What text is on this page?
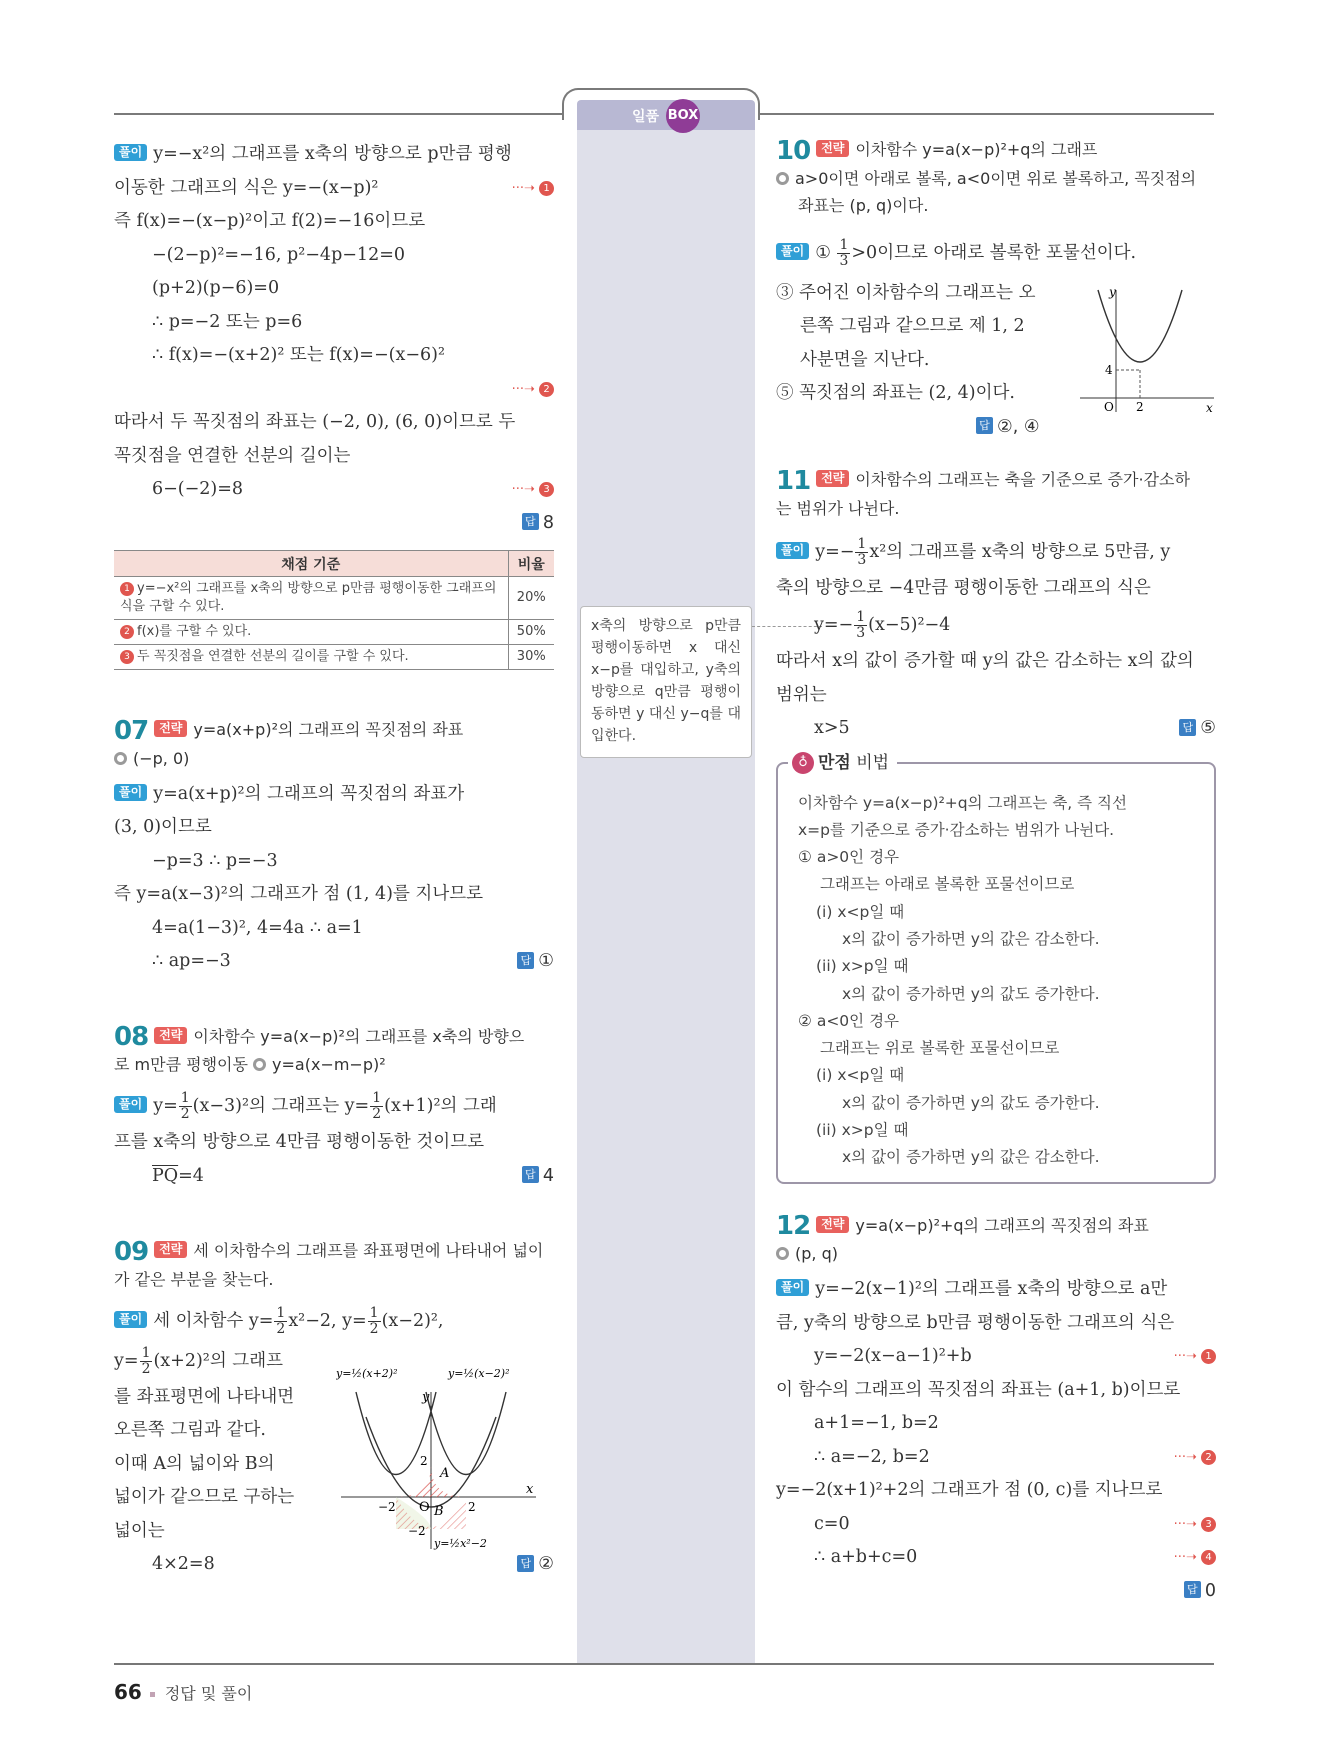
일품 BOX
풀이 y=−x²의 그래프를 x축의 방향으로 p만큼 평행
이동한 그래프의 식은 y=−(x−p)²	···➝ 1
즉 f(x)=−(x−p)²이고 f(2)=−16이므로
−(2−p)²=−16, p²−4p−12=0
(p+2)(p−6)=0
∴ p=−2 또는 p=6
∴ f(x)=−(x+2)² 또는 f(x)=−(x−6)²
···➝ 2

따라서 두 꼭짓점의 좌표는 (−2, 0), (6, 0)이므로 두
꼭짓점을 연결한 선분의 길이는
6−(−2)=8	···➝ 3
답 8
채점 기준	비율
1 y=−x²의 그래프를 x축의 방향으로 p만큼 평행이동한 그래프의 식을 구할 수 있다.	20%
2 f(x)를 구할 수 있다.	50%
3 두 꼭짓점을 연결한 선분의 길이를 구할 수 있다.	30%
07 전략 y=a(x+p)²의 그래프의 꼭짓점의 좌표
(−p, 0)
풀이 y=a(x+p)²의 그래프의 꼭짓점의 좌표가
(3, 0)이므로
−p=3 ∴ p=−3
즉 y=a(x−3)²의 그래프가 점 (1, 4)를 지나므로
4=a(1−3)², 4=4a ∴ a=1
∴ ap=−3	답 ①
08 전략 이차함수 y=a(x−p)²의 그래프를 x축의 방향으
로 m만큼 평행이동 y=a(x−m−p)²
풀이 $y= \frac{1}{2} (x-3)^2$의 그래프는 $y= \frac{1}{2} (x+1)^2$의 그래
프를 x축의 방향으로 4만큼 평행이동한 것이므로
$\overline{PQ}=4$	답 4
09 전략 세 이차함수의 그래프를 좌표평면에 나타내어 넓이
가 같은 부분을 찾는다.
풀이 세 이차함수 $y= \frac{1}{2} x^2-2$, $y= \frac{1}{2} (x-2)^2$,
$y= \frac{1}{2} (x+2)^2$의 그래프
를 좌표평면에 나타내면
오른쪽 그림과 같다.
이때 A의 넓이와 B의
넓이가 같으므로 구하는
넓이는
4×2=8	답 ②
y=½(x+2)²	y=½(x−2)²
y=½x²−2
y
x
O
2
−2
−2
2
A
B
x축의 방향으로 p만큼 평행이동하면 x 대신 x−p를 대입하고, y축의 방향으로 q만큼 평행이동하면 y 대신 y−q를 대입한다.
10 전략 이차함수 y=a(x−p)²+q의 그래프
a>0이면 아래로 볼록, a<0이면 위로 볼록하고, 꼭짓점의
좌표는 (p, q)이다.
풀이 ① $\frac{1}{3} >0$이므로 아래로 볼록한 포물선이다.
③ 주어진 이차함수의 그래프는 오
른쪽 그림과 같으므로 제 1, 2
사분면을 지난다.
⑤ 꼭짓점의 좌표는 (2, 4)이다.
답 ②, ④
y
x
O
4
2
11 전략 이차함수의 그래프는 축을 기준으로 증가·감소하
는 범위가 나뉜다.
풀이 $y=- \frac{1}{3} x^2$의 그래프를 x축의 방향으로 5만큼, y
축의 방향으로 −4만큼 평행이동한 그래프의 식은
$y=- \frac{1}{3} (x-5)^2-4$
따라서 x의 값이 증가할 때 y의 값은 감소하는 x의 값의
범위는
x>5	답 ⑤
♁ 만점 비법
이차함수 y=a(x−p)²+q의 그래프는 축, 즉 직선
x=p를 기준으로 증가·감소하는 범위가 나뉜다.
① a>0인 경우
그래프는 아래로 볼록한 포물선이므로
(i) x<p일 때
x의 값이 증가하면 y의 값은 감소한다.
(ii) x>p일 때
x의 값이 증가하면 y의 값도 증가한다.
② a<0인 경우
그래프는 위로 볼록한 포물선이므로
(i) x<p일 때
x의 값이 증가하면 y의 값도 증가한다.
(ii) x>p일 때
x의 값이 증가하면 y의 값은 감소한다.
12 전략 y=a(x−p)²+q의 그래프의 꼭짓점의 좌표
(p, q)
풀이 y=−2(x−1)²의 그래프를 x축의 방향으로 a만
큼, y축의 방향으로 b만큼 평행이동한 그래프의 식은
y=−2(x−a−1)²+b	···➝ 1
이 함수의 그래프의 꼭짓점의 좌표는 (a+1, b)이므로
a+1=−1, b=2
∴ a=−2, b=2	···➝ 2
y=−2(x+1)²+2의 그래프가 점 (0, c)를 지나므로
c=0	···➝ 3
∴ a+b+c=0	···➝ 4
답 0
66 정답 및 풀이
